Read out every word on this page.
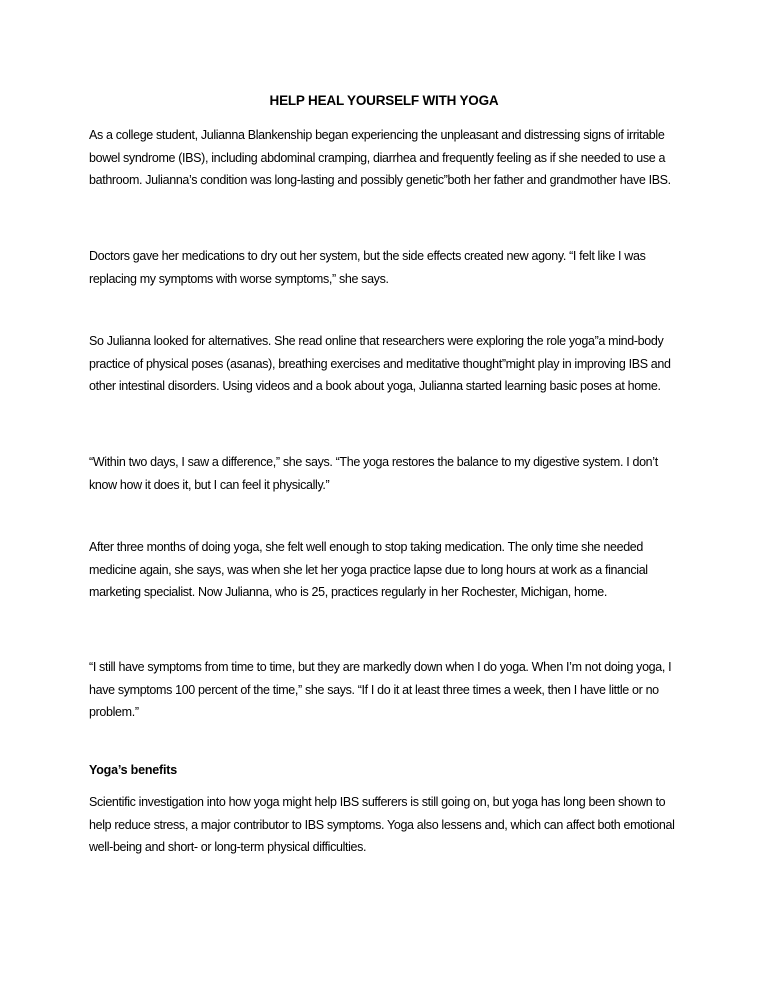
HELP HEAL YOURSELF WITH YOGA

As a college student, Julianna Blankenship began experiencing the unpleasant and distressing signs of irritable bowel syndrome (IBS), including abdominal cramping, diarrhea and frequently feeling as if she needed to use a bathroom. Julianna’s condition was long-lasting and possibly genetic”both her father and grandmother have IBS.

Doctors gave her medications to dry out her system, but the side effects created new agony. “I felt like I was replacing my symptoms with worse symptoms,” she says.

So Julianna looked for alternatives. She read online that researchers were exploring the role yoga”a mind-body practice of physical poses (asanas), breathing exercises and meditative thought”might play in improving IBS and other intestinal disorders. Using videos and a book about yoga, Julianna started learning basic poses at home.

“Within two days, I saw a difference,” she says. “The yoga restores the balance to my digestive system. I don’t know how it does it, but I can feel it physically.”

After three months of doing yoga, she felt well enough to stop taking medication. The only time she needed medicine again, she says, was when she let her yoga practice lapse due to long hours at work as a financial marketing specialist. Now Julianna, who is 25, practices regularly in her Rochester, Michigan, home.

“I still have symptoms from time to time, but they are markedly down when I do yoga. When I’m not doing yoga, I have symptoms 100 percent of the time,” she says. “If I do it at least three times a week, then I have little or no problem.”

Yoga’s benefits

Scientific investigation into how yoga might help IBS sufferers is still going on, but yoga has long been shown to help reduce stress, a major contributor to IBS symptoms. Yoga also lessens and, which can affect both emotional well-being and short- or long-term physical difficulties.
